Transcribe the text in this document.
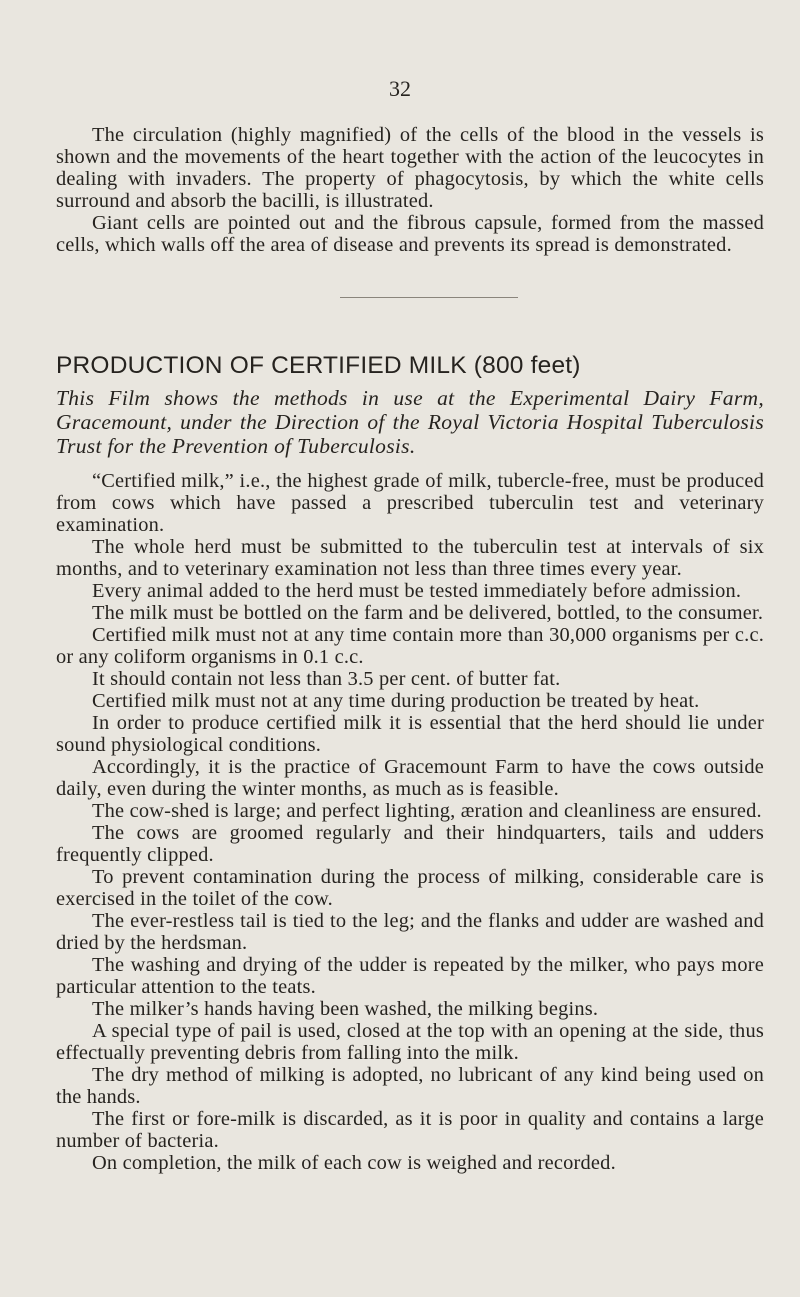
32

The circulation (highly magnified) of the cells of the blood in the vessels is shown and the movements of the heart together with the action of the leucocytes in dealing with invaders. The property of phagocytosis, by which the white cells surround and absorb the bacilli, is illustrated.

Giant cells are pointed out and the fibrous capsule, formed from the massed cells, which walls off the area of disease and prevents its spread is demonstrated.

PRODUCTION OF CERTIFIED MILK (800 feet)

This Film shows the methods in use at the Experimental Dairy Farm, Gracemount, under the Direction of the Royal Victoria Hospital Tuberculosis Trust for the Prevention of Tuberculosis.

“Certified milk,” i.e., the highest grade of milk, tubercle-free, must be produced from cows which have passed a prescribed tuberculin test and veterinary examination.

The whole herd must be submitted to the tuberculin test at intervals of six months, and to veterinary examination not less than three times every year.

Every animal added to the herd must be tested immediately before admission.

The milk must be bottled on the farm and be delivered, bottled, to the consumer.

Certified milk must not at any time contain more than 30,000 organisms per c.c. or any coliform organisms in 0.1 c.c.

It should contain not less than 3.5 per cent. of butter fat.

Certified milk must not at any time during production be treated by heat.

In order to produce certified milk it is essential that the herd should lie under sound physiological conditions.

Accordingly, it is the practice of Gracemount Farm to have the cows outside daily, even during the winter months, as much as is feasible.

The cow-shed is large; and perfect lighting, æration and cleanliness are ensured.

The cows are groomed regularly and their hindquarters, tails and udders frequently clipped.

To prevent contamination during the process of milking, considerable care is exercised in the toilet of the cow.

The ever-restless tail is tied to the leg; and the flanks and udder are washed and dried by the herdsman.

The washing and drying of the udder is repeated by the milker, who pays more particular attention to the teats.

The milker’s hands having been washed, the milking begins.

A special type of pail is used, closed at the top with an opening at the side, thus effectually preventing debris from falling into the milk.

The dry method of milking is adopted, no lubricant of any kind being used on the hands.

The first or fore-milk is discarded, as it is poor in quality and contains a large number of bacteria.

On completion, the milk of each cow is weighed and recorded.
